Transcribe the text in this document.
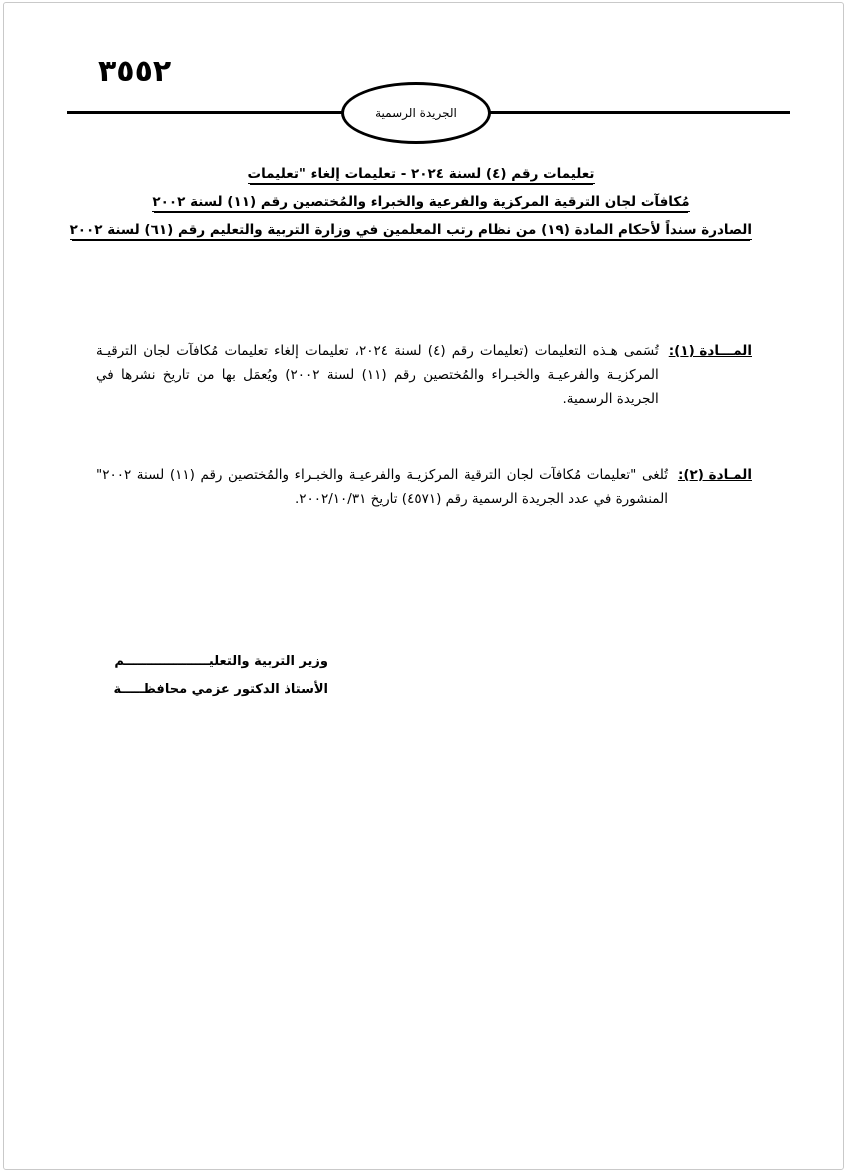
٣٥٥٢
الجريدة الرسمية
تعليمات رقم (٤) لسنة ٢٠٢٤ - تعليمات إلغاء "تعليمات
مُكافآت لجان الترقية المركزية والفرعية والخبراء والمُختصين رقم (١١) لسنة ٢٠٠٢
الصادرة سنداً لأحكام المادة (١٩) من نظام رتب المعلمين في وزارة التربية والتعليم رقم (٦١) لسنة ٢٠٠٢
المـــادة (١):
تُسَمى هـذه التعليمات (تعليمات رقم (٤) لسنة ٢٠٢٤، تعليمات إلغاء تعليمات مُكافآت لجان الترقيـة المركزيـة والفرعيـة والخبـراء والمُختصين رقم (١١) لسنة ٢٠٠٢) ويُعمَل بها من تاريخ نشرها في الجريدة الرسمية.
المـادة (٢):
تُلغى "تعليمات مُكافآت لجان الترقية المركزيـة والفرعيـة والخبـراء والمُختصين رقم (١١) لسنة ٢٠٠٢" المنشورة في عدد الجريدة الرسمية رقم (٤٥٧١) تاريخ ٢٠٠٢/١٠/٣١.
وزير التربية والتعليـــــــــــــــــــم
الأستاذ الدكتور عزمي محافظـــــة
